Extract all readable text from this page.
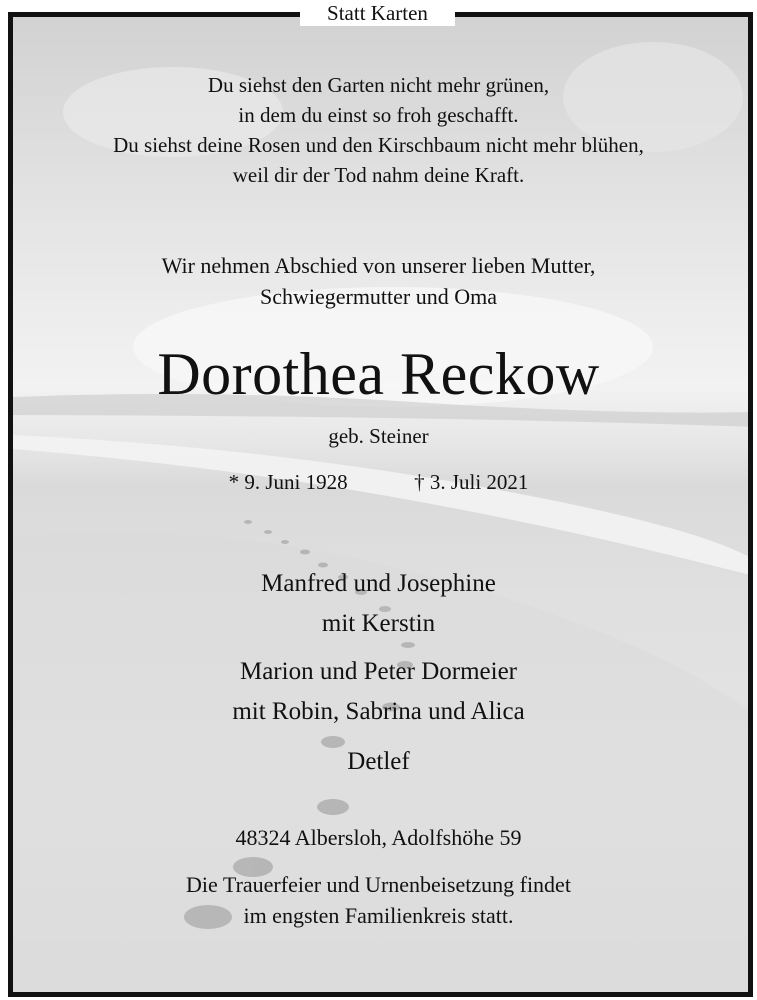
Statt Karten
Du siehst den Garten nicht mehr grünen,
in dem du einst so froh geschafft.
Du siehst deine Rosen und den Kirschbaum nicht mehr blühen,
weil dir der Tod nahm deine Kraft.
Wir nehmen Abschied von unserer lieben Mutter,
Schwiegermutter und Oma
Dorothea Reckow
geb. Steiner
* 9. Juni 1928	† 3. Juli 2021
Manfred und Josephine
mit Kerstin
Marion und Peter Dormeier
mit Robin, Sabrina und Alica
Detlef
48324 Albersloh, Adolfshöhe 59
Die Trauerfeier und Urnenbeisetzung findet
im engsten Familienkreis statt.
